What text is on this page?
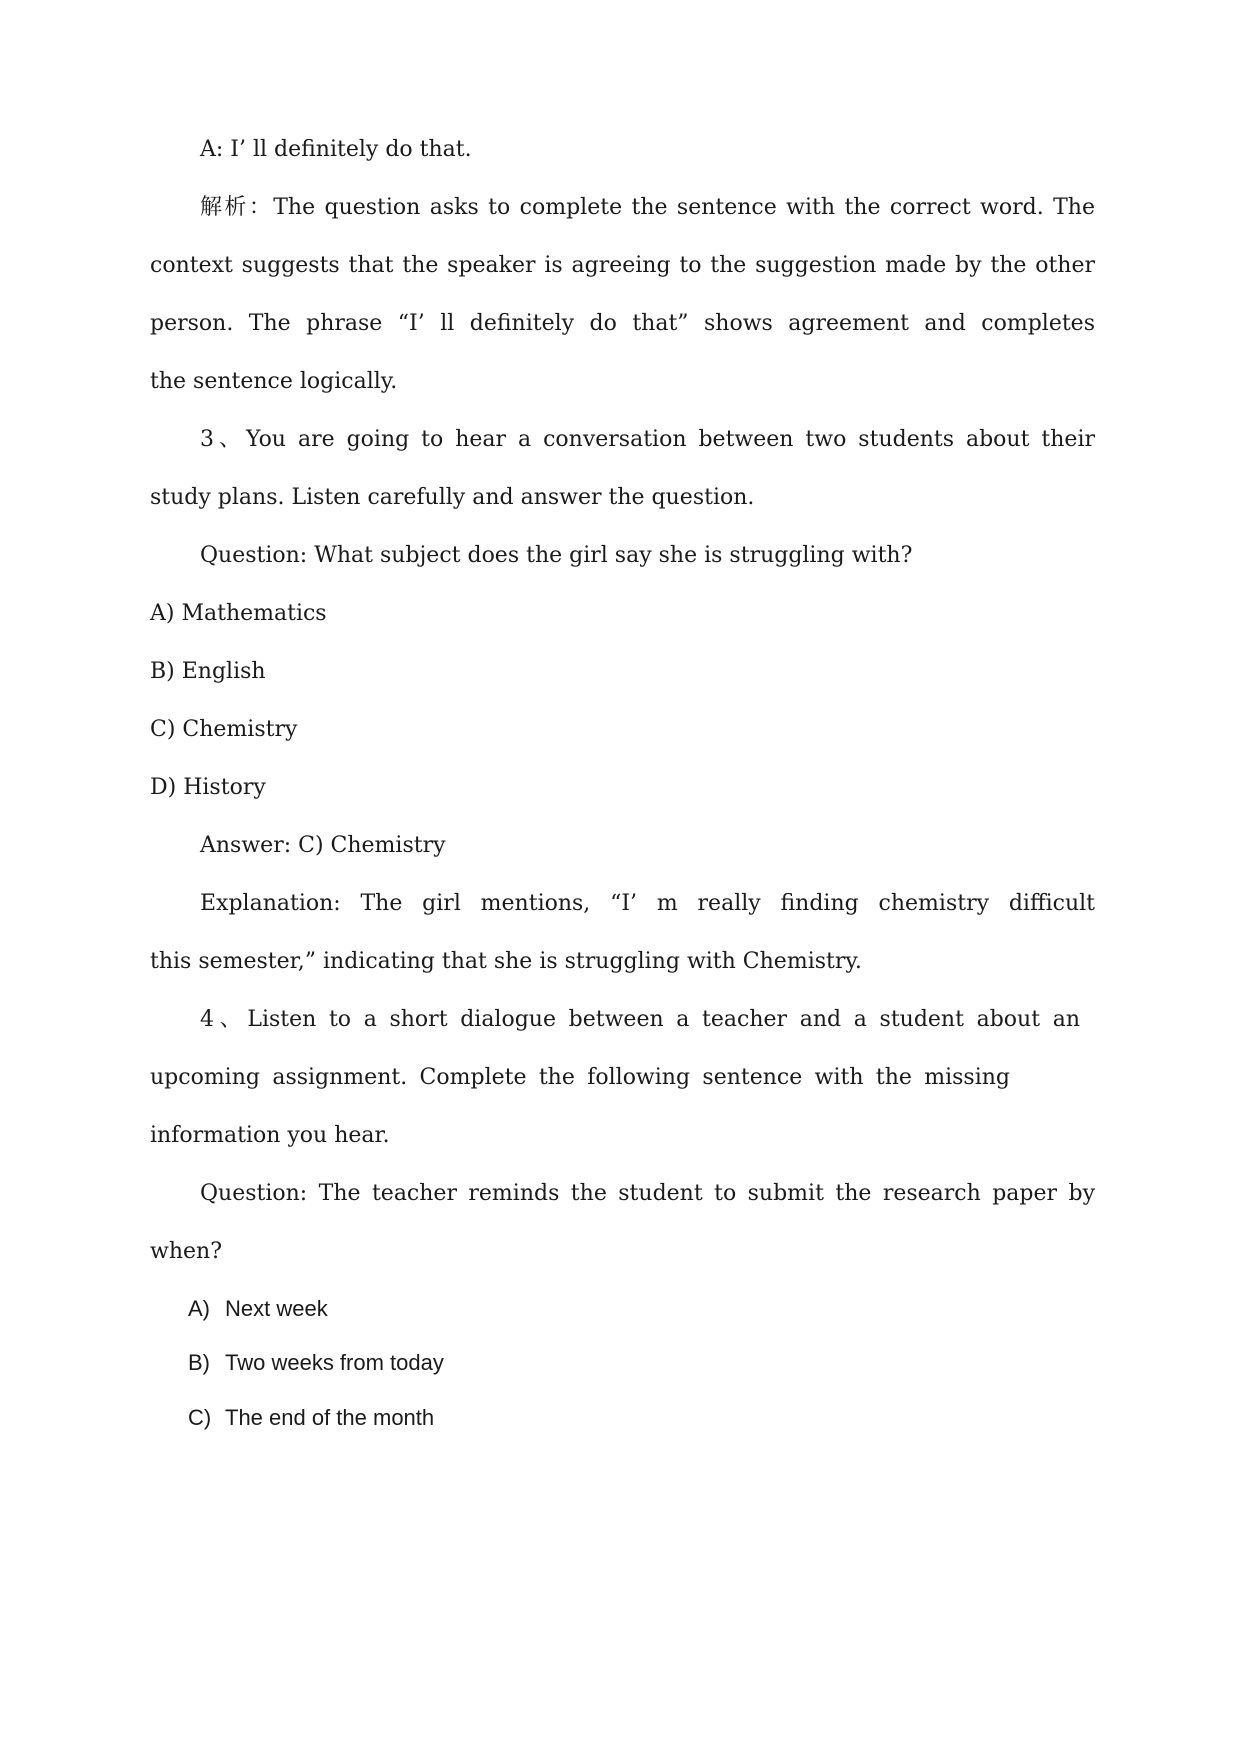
A: I’ ll definitely do that.

解析：The question asks to complete the sentence with the correct word. The

context suggests that the speaker is agreeing to the suggestion made by the other

person. The phrase “I’ ll definitely do that” shows agreement and completes

the sentence logically.

3、You are going to hear a conversation between two students about their

study plans. Listen carefully and answer the question.

Question: What subject does the girl say she is struggling with?

A) Mathematics

B) English

C) Chemistry

D) History

Answer: C) Chemistry

Explanation: The girl mentions, “I’ m really finding chemistry difficult

this semester,” indicating that she is struggling with Chemistry.

4、Listen to a short dialogue between a teacher and a student about an

upcoming assignment. Complete the following sentence with the missing

information you hear.

Question: The teacher reminds the student to submit the research paper by

when?

A) Next week

B) Two weeks from today

C) The end of the month
